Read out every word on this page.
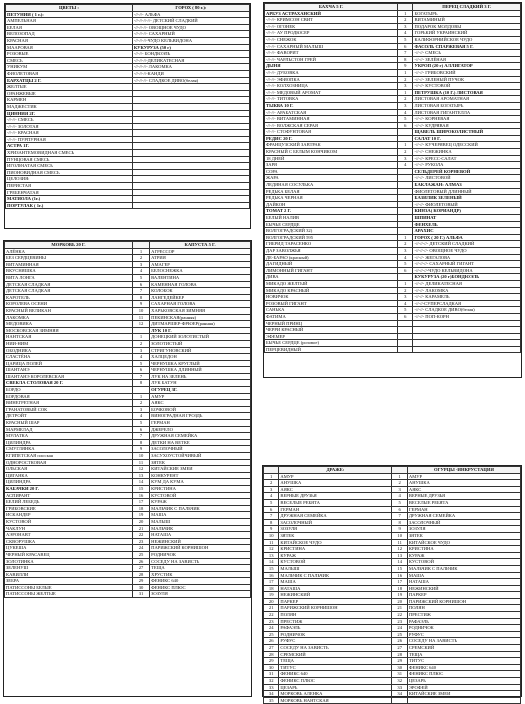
ЦВЕТЫ :	ГОРОХ ( 80 г.):
ПЕТУНИИ ( 1 г.):	-//-//- АЛЬФА
АМПЕЛЬНАЯ	-//-//-//-//- ДЕТСКИЙ СЛАДКИЙ
БЕЛАЯ	-//-//-//- ОВОЩНОЕ ЧУДО
ВЕЛОЗОПАД	-//-//-//- САХАРНЫЙ
КРАСНАЯ	-//-//-//-ЧУДО КЕЛЬВИДОНА
МААРОВАЯ	КУКУРУЗА (50 г)
РОЗОВЫЕ	-//-//- БОНДЮЭЛЬ
СМЕСЬ	-//-//-//-ДЕЛИКАТЕСНАЯ
УНИКУМ	-//-//-//- ЛАКОМКА
ФИОЛЕТОВАЯ	-//-//-//-КАНДИ
БАРХАТЦЫ 2 Г.	-//-//-//- СЛАДКОЕ ДИВО(белая)
ЖЕЛТЫЕ	
ОРАНЖЕВЫЕ	
КАРМЕН	
МАДЖЕСТИК	
ЦИННИЯ 2Г.	
-//-//- СМЕСЬ	
-//-//- ЗОЛОТАЯ	
-//-//- КРАСНАЯ	
-//-//- ПУРПУРНАЯ	
АСТРА 1Г.	
ХРИЗАНТЕМОВИДНАЯ СМЕСЬ	
ПУНЦОВАЯ СМЕСЬ	
ИГОЛЬЧАТАЯ СМЕСЬ	
ПИОНОВИДНАЯ СМЕСЬ	
ЦЕЛОЗИЯ:	
ПЕРИСТАЯ	
ГРЕБЕНЧАТАЯ	
МАТИОЛА (1г.)	
ПОРТУЛАК ( 1г.)	
БАХЧА 5 Г.		ПЕРЕЦ СЛАДКИЙ 3 Г.
АРБУЗ АСТРАХАНСКИЙ	1	БОГАТЫРЬ
-//-//- КРИМСОН СВИТ	2	ВИТАМИНЫЙ
-//-//- ОГОНЕК	3	ПОДАРОК МОЛДОВЫ
-//-//- АУ ПРОДЮСЕР	4	ГОРЬКИЙ УКРАИНСКИЙ
-//-//- СНЕЖОК	5	КАЛИФОРНИЙСКОЕ ЧУДО
-//-//- САХАРНЫЙ МАЛЫШ	6	ФАСОЛЬ СПАРЖЕВАЯ 5 Г.
-//-//- ФАВОРИТ	7	-//-//- СМЕСЬ
-//-//- ЧАРЛЬСТОН ГРЕЙ	8	-//-//- ЗЕЛЁНАЯ
ДЫНЯ	9	УКРОП (20 г) АЛЛИГАТОР
-//-//- ДУБОВКА	1	-//-//- ГРИБОВСКИЙ
-//-//- ЭФИОПКА	2	-//-//- ЗЕЛЕНЫЙ ПУЧОК
-//-//- КОЛХОЗНИЦА	3	-//-//- КУСТОВОЙ
-//-//- МЕДОВЫЙ АРОМАТ	1	ПЕТРУШКА (10 Г.) ЛИСТОВАЯ
-//-//- ТИТОВКА	2	ЛИСТОВАЯ АРОМАТНАЯ
ТЫКВА 10 Г.	3	ЛИСТОВАЯ БОГАТЫРЬ
-//-//- АРАБАТСКАЯ	4	ЛИСТОВАЯ ГИГАНТЕЛЛА
-//-//- ВИТАМИННАЯ	5	-//-//- КОРНЕВАЯ
-//-//- ВОЛЖСКАЯ СЕРАЯ	6	-//-//- КУДРЯВАЯ
-//-//- СТОФУНТОВАЯ		ЩАВЕЛЬ ШИРОКОЛИСТНЫЙ
РЕДИС 20 Г.		САЛАТ 10 Г.
ФРАНЦУЗСКИЙ ЗАВТРАК	1	-//-//- КУЧЕРЯВЕЦ ОДЕССКИЙ
КРАСНЫЙ С БЕЛЫМ КОНЧИКОМ	2	-//-//- СНЕЖИНКА
18 ДНЕЙ	3	-//-//- КРЕСС-САЛАТ
ЗАРЯ	4	-//-//- РУКОЛА
СОРА		СЕЛЬДЕРЕЙ КОРНЕВОЙ
ЖАРА		-//-//- ЛИСТОВОЙ
ЛЕДЯНАЯ СОСУЛЬКА		БАКЛАЖАН: АЛМАЗ
РЕДЬКА БЕЛАЯ		ФИОЛЕТОВЫЙ ДЛИННЫЙ
РЕДЬКА ЧЕРНАЯ		БАЗИЛИК ЗЕЛЕНЫЙ
ДАЙКОН		-//-//- ФИОЛЕТОВЫЙ
ТОМАТ 2 Г.		КИНЗА( КОРИАНДР)
БЕЛЫЙ НАЛИВ		ШПИНАТ
БЫЧЬЕ СЕРДЦЕ		ФЕНХЕЛЬ
ВОЛГОГРАДСКИЙ 32)		АРАХИС
ВОЛГОГРАДСКИЙ 595	1	ГОРОХ ( 20 Г.) АЛЬФА
ГИБРИД ТАРАСЕНКО	2	-//-//-//- ДЕТСКИЙ СЛАДКИЙ
ДАР ЗАВОЛЖЬЯ	3	-//-//-//- ОВОЩНОЕ ЧУДО
ДЕ-БАРАО (красный)	4	-//-//- ЖЕГАЛОВА
ДАГИДНЫЙ	5	-//-//-//- САХАРНЫЙ ГИГАНТ
ЛИМОННЫЙ ГИГАНТ	6	-//-//-//-ЧУДО КЕЛЬВИДОНА
ДИВА		КУКУРУЗА (20 г)БОНДЮЭЛЬ
МИКАДО ЖЕЛТЫЙ	1	-//-//- ДЕЛИКАТЕСНАЯ
МИКАДО КРАСНЫЙ	2	-//-//- ЛАКОМКА
НОВИЧОК	3	-//-//- КАРАМЕЛЬ
РОЗОВЫЙ ГИГАНТ	4	-//-//-СУПЕРСЛАДКАЯ
САНЬКА	5	-//-//- СЛАДКОЕ ДИВО(белая)
ФАТИМА	6	-//-//- ПОП-КОРН
ЧЕРНЫЙ ПРИНЦ		
ЧЕРРИ КРАСНЫЙ		
ЭФЕМЕР		
БЫЧЬЕ СЕРДЦЕ (розовое)		
ПЕРЦЕВИДНЫЙ		
МОРКОВЬ 20 Г.		КАПУСТА 5 Г.
АЛЁНКА	1	АГРЕССОР
БЕЗ СЕРДЦЕВИНЫ	2	АТРИЯ
ВИТАМИННАЯ	3	АМАГЕР
ВКУСНЯШКА	4	БЕЛОСНЕЖКА
ВИТА ЛОНГА	5	ВАЛЕНТИНА
ДЕТСКАЯ СЛАДКАЯ	6	КАМЕННАЯ ГОЛОВА
ДЕТСКАЯ СЛАДКАЯ	7	КОЛОБОК
КАРОТЕЛЬ	8	ЛАНГЕДЕЙКЕР
КОРОЛЕВА ОСЕНИ	9	САХАРНАЯ ГОЛОВА
КРАСНЫЙ ВЕЛИКАН	10	ХАРЬКОВСКАЯ ЗИМНЯЯ
ЛАКОМКА	11	ПЕКИНСКАЯ(ранняя)
МЕДОВИКА	12	ДИТМАРШЕР-ФРЮЕР(ранняя)
МОСКОВСКАЯ ЗИМНЯЯ		ЛУК 10 Г.
НАНТСКАЯ	1	ДОНЕЦКИЙ ЗОЛОТИСТЫЙ
НИИ-НИМ	2	ЗОЛОТИСТЫЙ
ОБОДНИКА	3	СТРИГУНОВСКИЙ
СЛАСТЁНА	4	ХАЛЦЕДОН
ЦАРИЦА ПОЛЕЙ	5	ЧЕРНУШКА КРУГЛЫЙ
ШАНТАНЭ	6	ЧЕРНУШКА ДЛИННЫЙ
ШАНТАНЭ КОРОЛЕВСКАЯ	7	ЛУК НА ЗЕЛЕНЬ
СВЕКЛА СТОЛОВАЯ 20 Г.	8	ЛУК БАТУН
БОРДО		ОГУРЕЦ 3Г.
БОРДОВАЯ	1	АМУР
ВИНЕГРЕТНАЯ	2	АЯКС
ГРАНАТОВЫЙ СОК	3	БОЧКОВОЙ
ДЕТРОЙТ	4	ВИНОГРАДНАЯ ГРОЗДЬ
КРАСНЫЙ ШАР	5	ГЕРМАН
МАРМЕЛАД	6	ДЖЕРЕЛО
МУЛАТКА	7	ДРУЖНАЯ СЕМЕЙКА
ЦИЛИНДРА	8	ДЕТКИ НА ВЕТКЕ
СМУГЛЯНКА	9	ЗАСОЛОЧНЫЙ
ЕГИПЕТСКАЯ плоская	10	ЗАСУХОУСТОЙЧИВЫЙ
ОДНОРОСТКОВАЯ	11	ЗЯТЕК
ОЛЬСКАЯ	12	КИТАЙСКИЕ ЗМЕИ
ЦИГАНКА	13	КОНКУРЕНТ
ЦИЛИНДРА	14	КУМ ДА КУМА
КАБАЧКИ 20 Г.	15	КРИСТИНА
АСПИРАНТ	16	КУСТОВОЙ
БЕЛИЙ ЛЕБЕДЬ	17	КУРАЖ
ГРИБОВСКИЕ	18	МАЛЬЧИК С ПАЛЬЧИК
ИСКАНДЕР	19	МАША
КУСТОВОЙ	20	МАЛЫШ
ЧАКЛУН	21	МАЛЬЧИК
АЭРОНАВТ	22	НАТАША
СКВОРУШКА	23	НЕЖИНСКИЙ
ЦУКЕША	24	ПАРИЖСКИЙ КОРНИШОН
ЧЕРНЫЙ КРАСАВЕЦ	25	РОДНИЧОК
ЗОЛОТИНКА	26	СОСЕДУ НА ЗАВИСТЬ
ЗЕЛЕНУШ	27	ТЕЩА
КАВИЛЛИ	28	ХРУСТИК
ЗЕБРА	29	ФЕНИКС 640
ПАТИССОНЫ БЕЛЫЕ	30	ФЕНИКС ПЛЮС
ПАТИССОНЫ ЖЕЛТЫЕ	31	ЗОЗУЛЯ
	ДРАЖЕ:		ОГУРЦЫ -ИНКРУСТАЦИЯ
1	АМУР	1	АМУР
2	АНУШКА	2	АНУШКА
3	АЯКС	3	АЯКС
4	ВЕРНЫЕ ДРУЗЬЯ	4	ВЕРНЫЕ ДРУЗЬЯ
5	ВЕСЕЛЫЕ РЕБЯТА	5	ВЕСЕЛЫЕ РЕБЯТА
6	ГЕРМАН	6	ГЕРМАН
7	ДРУЖНАЯ СЕМЕЙКА	7	ДРУЖНАЯ СЕМЕЙКА
8	ЗАСОЛОЧНЫЙ	8	ЗАСОЛОЧНЫЙ
9	ЗОЗУЛЯ	9	ЗОЗУЛЯ
10	ЗЯТЕК	10	ЗЯТЕК
11	КИТАЙСКОЕ ЧУДО	11	КИТАЙСКОЕ ЧУДО
12	КРИСТИНА	12	КРИСТИНА
13	КУРАЖ	13	КУРАЖ
14	КУСТОВОЙ	14	КУСТОВОЙ
15	МАЛЫШ	15	МАЛЬЧИК С ПАЛЬЧИК
16	МАЛЬЧИК С ПАЛЬЧИК	16	МАША
17	МАША	17	НАТАША
18	НАТАША	18	НЕЖИНСКИЙ
19	НЕЖИНСКИЙ	19	ПАРКЕР
20	ПАРКЕР	20	ПАРИЖСКИЙ КОРНИШОН
21	ПАРИЖСКИЙ КОРНИШОН	21	ПОЛЯН
22	ПОЛЯН	22	ПРЕСТИЖ
23	ПРЕСТИЖ	23	РАФАЭЛЬ
24	РАФАЭЛЬ	24	РОДНИЧОК
25	РОДНИЧОК	25	РУФУС
26	РУФУС	26	СОСЕДУ НА ЗАВИСТЬ
27	СОСЕДУ НА ЗАВИСТЬ	27	СРЕМСКИЙ
28	СРЕМСКИЙ	28	ТЕЩА
29	ТЕЩА	29	ТИТУС
30	ТИТУС	30	ФЕНИКС 640
31	ФЕНИКС 640	31	ФЕНИКС ПЛЮС
32	ФЕНИКС ПЛЮС	32	ЦЕЗАРЬ
33	ЦЕЗАРЬ	33	ЭРОФЕЙ
34	МОРКОВЬ АЛЕНКА	34	КИТАЙСКИЕ ЗМЕИ
35	МОРКОВЬ НАНТСКАЯ		
